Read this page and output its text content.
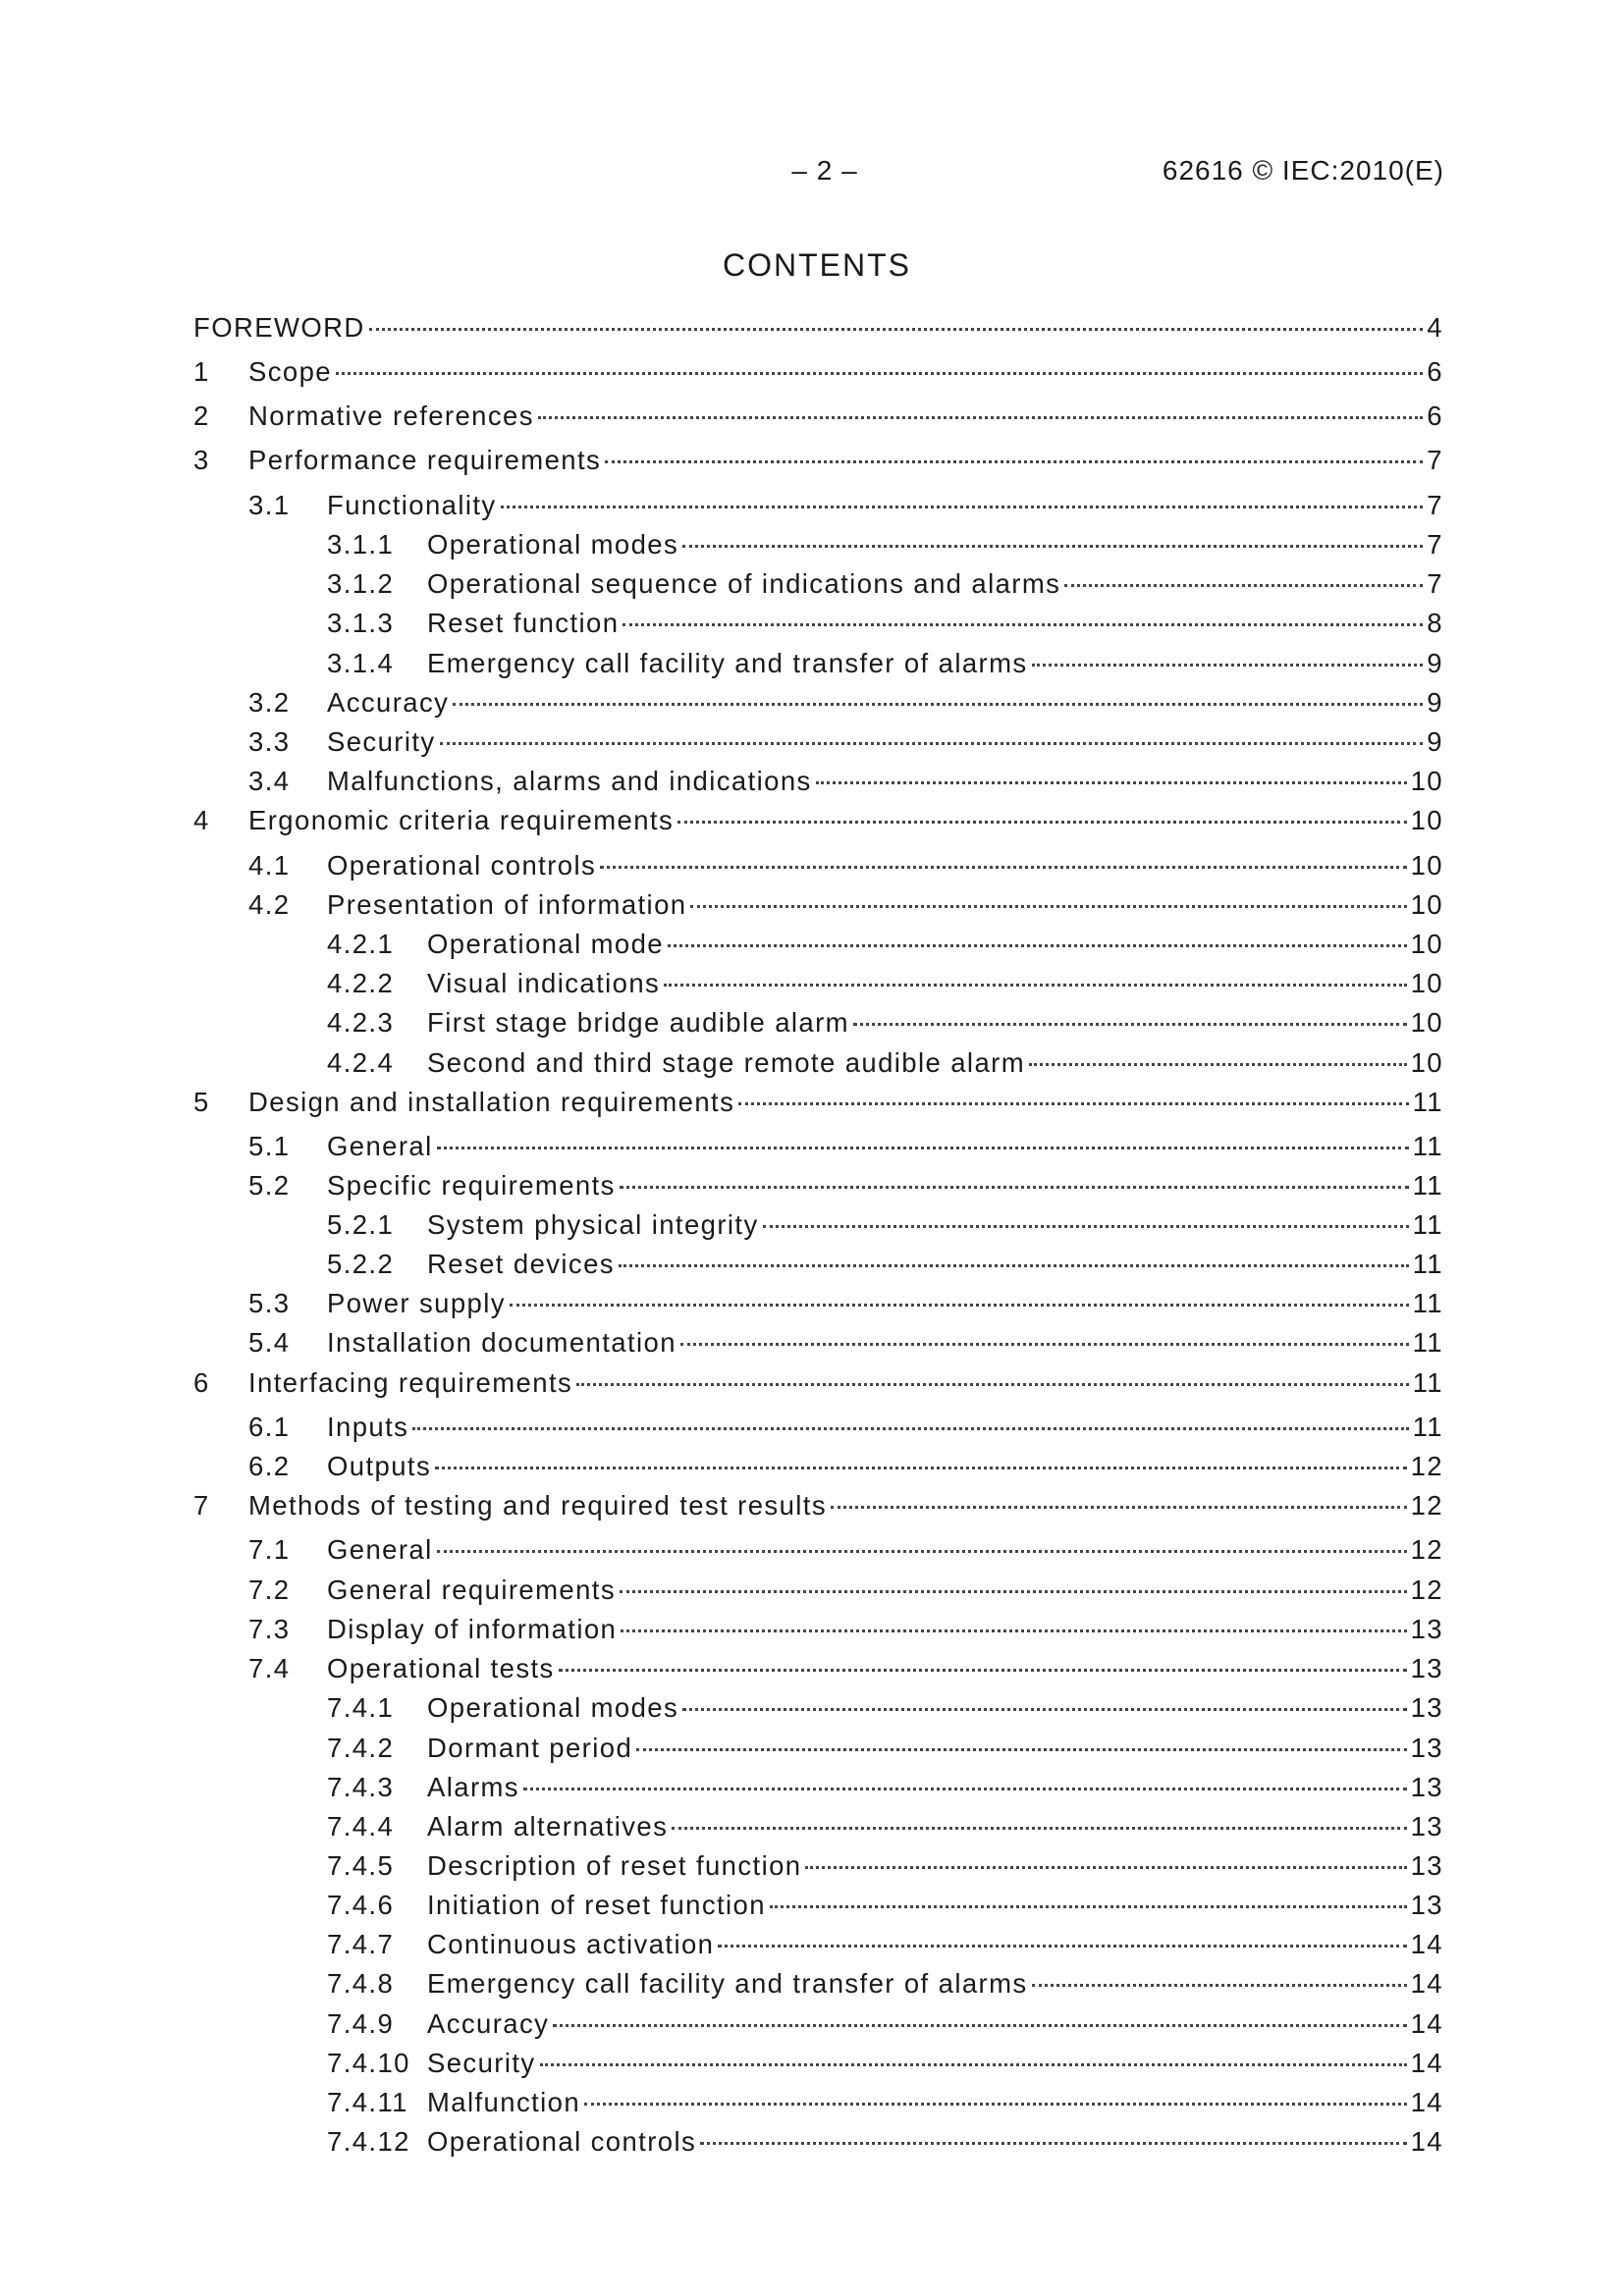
– 2 –	62616 © IEC:2010(E)
CONTENTS
FOREWORD	4
1	Scope	6
2	Normative references	6
3	Performance requirements	7
3.1	Functionality	7
3.1.1	Operational modes	7
3.1.2	Operational sequence of indications and alarms	7
3.1.3	Reset function	8
3.1.4	Emergency call facility and transfer of alarms	9
3.2	Accuracy	9
3.3	Security	9
3.4	Malfunctions, alarms and indications	10
4	Ergonomic criteria requirements	10
4.1	Operational controls	10
4.2	Presentation of information	10
4.2.1	Operational mode	10
4.2.2	Visual indications	10
4.2.3	First stage bridge audible alarm	10
4.2.4	Second and third stage remote audible alarm	10
5	Design and installation requirements	11
5.1	General	11
5.2	Specific requirements	11
5.2.1	System physical integrity	11
5.2.2	Reset devices	11
5.3	Power supply	11
5.4	Installation documentation	11
6	Interfacing requirements	11
6.1	Inputs	11
6.2	Outputs	12
7	Methods of testing and required test results	12
7.1	General	12
7.2	General requirements	12
7.3	Display of information	13
7.4	Operational tests	13
7.4.1	Operational modes	13
7.4.2	Dormant period	13
7.4.3	Alarms	13
7.4.4	Alarm alternatives	13
7.4.5	Description of reset function	13
7.4.6	Initiation of reset function	13
7.4.7	Continuous activation	14
7.4.8	Emergency call facility and transfer of alarms	14
7.4.9	Accuracy	14
7.4.10 Security	14
7.4.11 Malfunction	14
7.4.12 Operational controls	14
